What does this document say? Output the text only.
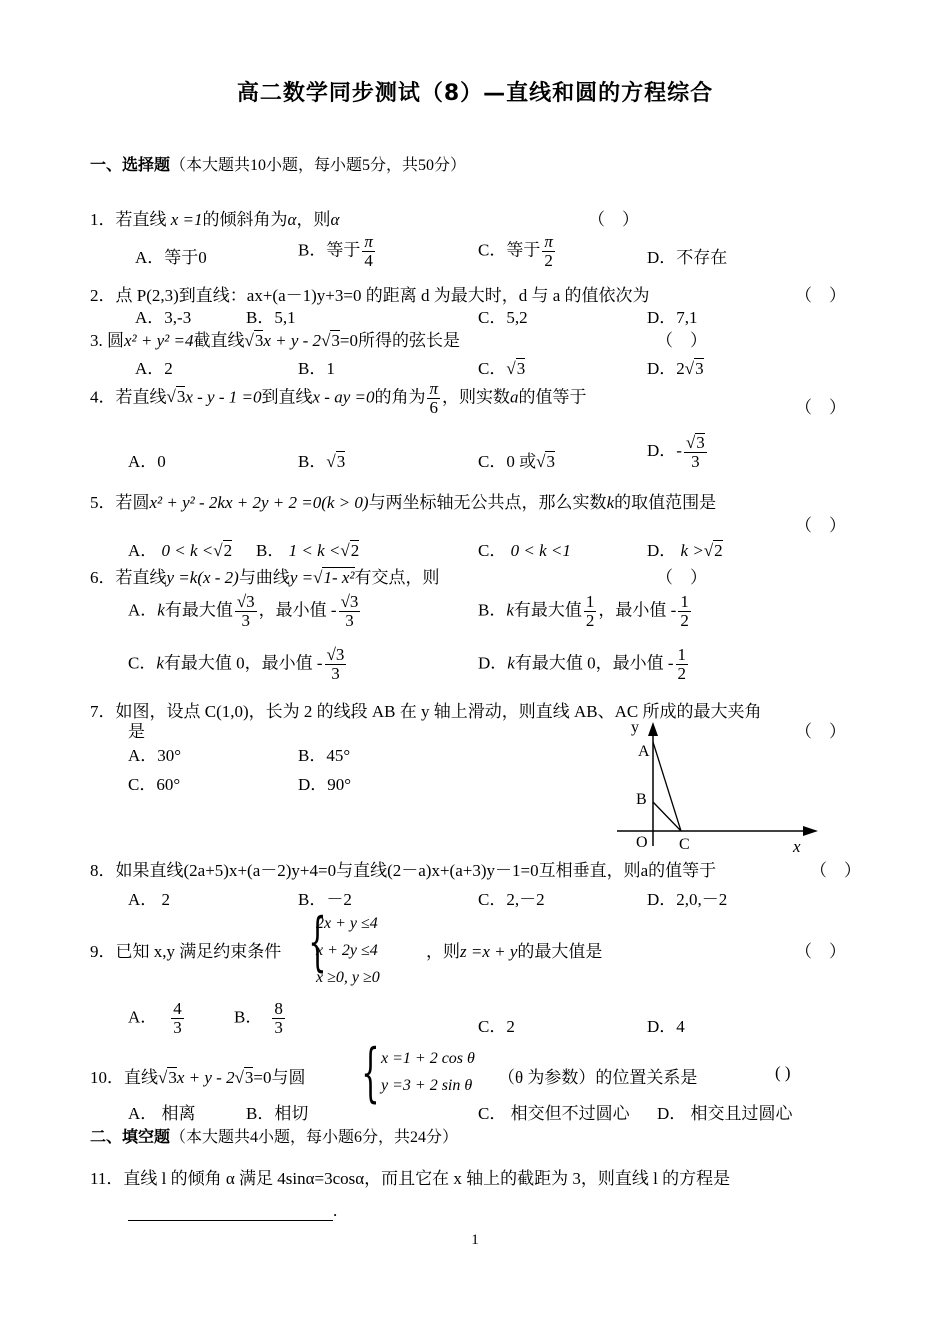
高二数学同步测试（8）—直线和圆的方程综合
一、选择题（本大题共10小题，每小题5分，共50分）
1．若直线 x =1的倾斜角为α，则α	（　）
A．等于0	B．等于 $\frac{\pi}{4}$	C．等于 $\frac{\pi}{2}$	D．不存在
2．点 P(2,3)到直线：ax+(a－1)y+3=0 的距离 d 为最大时，d 与 a 的值依次为	（　）
A．3,-3	B．5,1	C．5,2	D．7,1
3. 圆x² + y² =4截直线 √ 3x + y - 2 √ 3=0所得的弦长是	（　）
A．2	B．1	C． √ 3	D．2 √ 3
4．若直线 √ 3x - y - 1 =0到直线x - ay =0的角为 $\frac{\pi}{6}$ ，则实数a的值等于
（　）
A．0	B． √ 3	C．0 或 √ 3
D．- √ $\frac{3}{3}$
5．若圆x² + y² - 2kx + 2y + 2 =0(k > 0)与两坐标轴无公共点，那么实数k的取值范围是
（　）
A． 0 < k < √ 2 B． 1 < k < √ 2	C． 0 < k <1	D． k > √ 2
6．若直线y =k(x - 2)与曲线y = √ 1- x²有交点，则	（　）
A．k有最大值 $\frac{√3}{3}$ ，最小值 - $\frac{√3}{3}$	B．k有最大值 $\frac{1}{2}$ ，最小值 - $\frac{1}{2}$
C．k有最大值 0，最小值 - $\frac{√3}{3}$	D．k有最大值 0，最小值 - $\frac{1}{2}$
7．如图，设点 C(1,0)，长为 2 的线段 AB 在 y 轴上滑动，则直线 AB、AC 所成的最大夹角
是	（　）
A．30°	B．45°
C．60°	D．90°
y
A
B
O C	x
8．如果直线(2a+5)x+(a－2)y+4=0与直线(2－a)x+(a+3)y－1=0互相垂直，则a的值等于	（　）
A． 2	B．－2	C．2,－2	D．2,0,－2
9．已知 x,y 满足约束条件 {
2x + y ≤4
x + 2y ≤4
x ≥0, y ≥0
，则z =x + y的最大值是	（　）
A． $\frac{4}{3}$	B． $\frac{8}{3}$	C．2	D．4
10．直线 √ 3x + y - 2 √ 3=0与圆 { x =1 + 2 cos θ
y =3 + 2 sin θ （θ 为参数）的位置关系是	( )
A． 相离	B．相切	C． 相交但不过圆心 D． 相交且过圆心
二、填空题（本大题共4小题，每小题6分，共24分）
11．直线 l 的倾角 α 满足 4sinα=3cosα，而且它在 x 轴上的截距为 3，则直线 l 的方程是
.
1
